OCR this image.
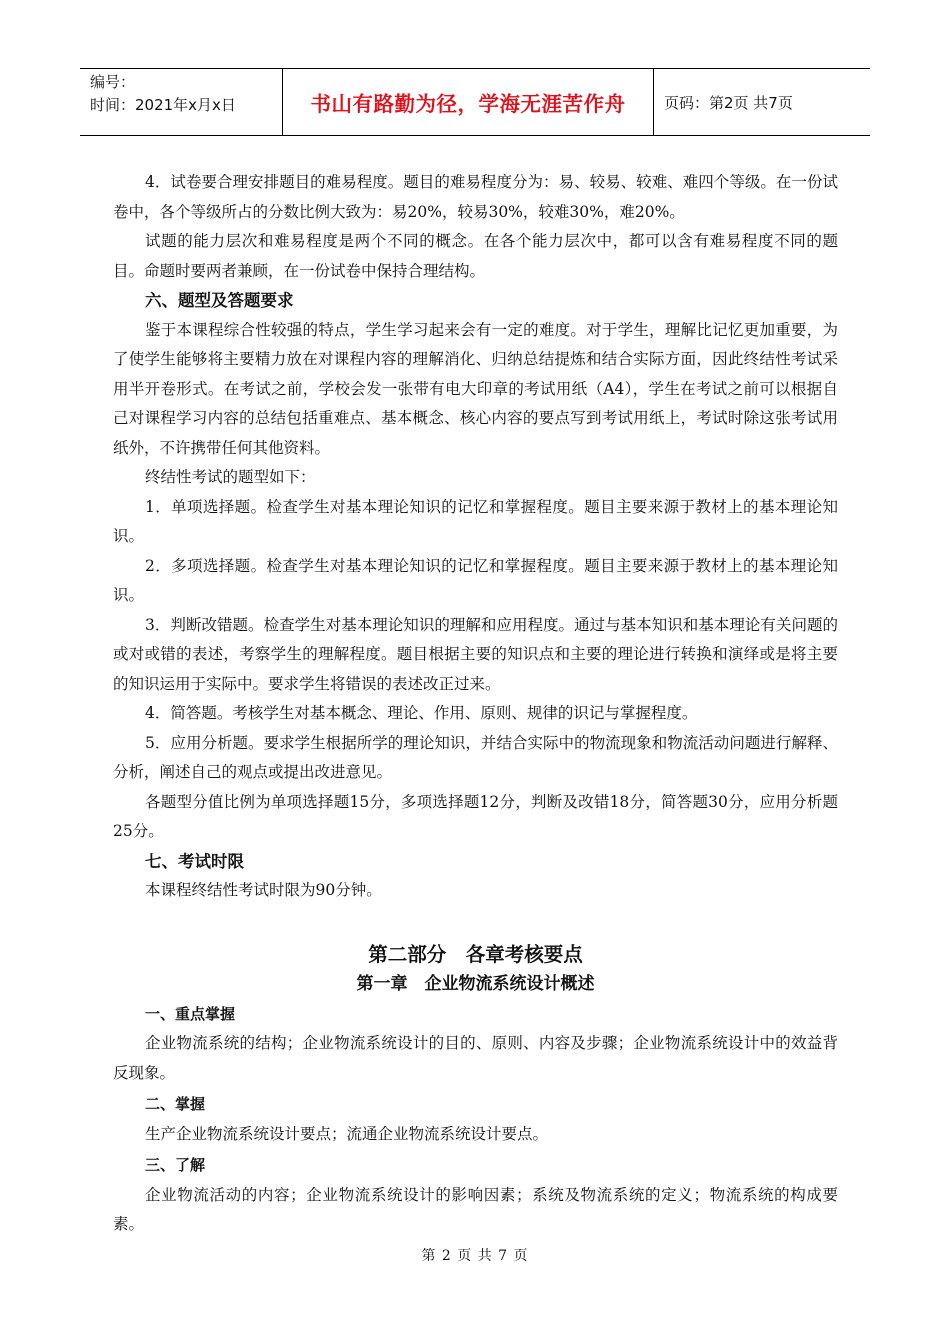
编号：
时间：2021年x月x日	书山有路勤为径，学海无涯苦作舟	页码：第2页 共7页

4．试卷要合理安排题目的难易程度。题目的难易程度分为：易、较易、较难、难四个等级。在一份试卷中，各个等级所占的分数比例大致为：易20%，较易30%，较难30%，难20%。

试题的能力层次和难易程度是两个不同的概念。在各个能力层次中，都可以含有难易程度不同的题目。命题时要两者兼顾，在一份试卷中保持合理结构。

六、题型及答题要求

鉴于本课程综合性较强的特点，学生学习起来会有一定的难度。对于学生，理解比记忆更加重要，为了使学生能够将主要精力放在对课程内容的理解消化、归纳总结提炼和结合实际方面，因此终结性考试采用半开卷形式。在考试之前，学校会发一张带有电大印章的考试用纸（A4），学生在考试之前可以根据自己对课程学习内容的总结包括重难点、基本概念、核心内容的要点写到考试用纸上，考试时除这张考试用纸外，不许携带任何其他资料。

终结性考试的题型如下：

1．单项选择题。检查学生对基本理论知识的记忆和掌握程度。题目主要来源于教材上的基本理论知识。

2．多项选择题。检查学生对基本理论知识的记忆和掌握程度。题目主要来源于教材上的基本理论知识。

3．判断改错题。检查学生对基本理论知识的理解和应用程度。通过与基本知识和基本理论有关问题的或对或错的表述，考察学生的理解程度。题目根据主要的知识点和主要的理论进行转换和演绎或是将主要的知识运用于实际中。要求学生将错误的表述改正过来。

4．简答题。考核学生对基本概念、理论、作用、原则、规律的识记与掌握程度。

5．应用分析题。要求学生根据所学的理论知识，并结合实际中的物流现象和物流活动问题进行解释、分析，阐述自己的观点或提出改进意见。

各题型分值比例为单项选择题15分，多项选择题12分，判断及改错18分，简答题30分，应用分析题25分。

七、考试时限

本课程终结性考试时限为90分钟。

第二部分　各章考核要点
第一章　企业物流系统设计概述

一、重点掌握

企业物流系统的结构；企业物流系统设计的目的、原则、内容及步骤；企业物流系统设计中的效益背反现象。

二、掌握

生产企业物流系统设计要点；流通企业物流系统设计要点。

三、了解

企业物流活动的内容；企业物流系统设计的影响因素；系统及物流系统的定义；物流系统的构成要素。

第 2 页 共 7 页
